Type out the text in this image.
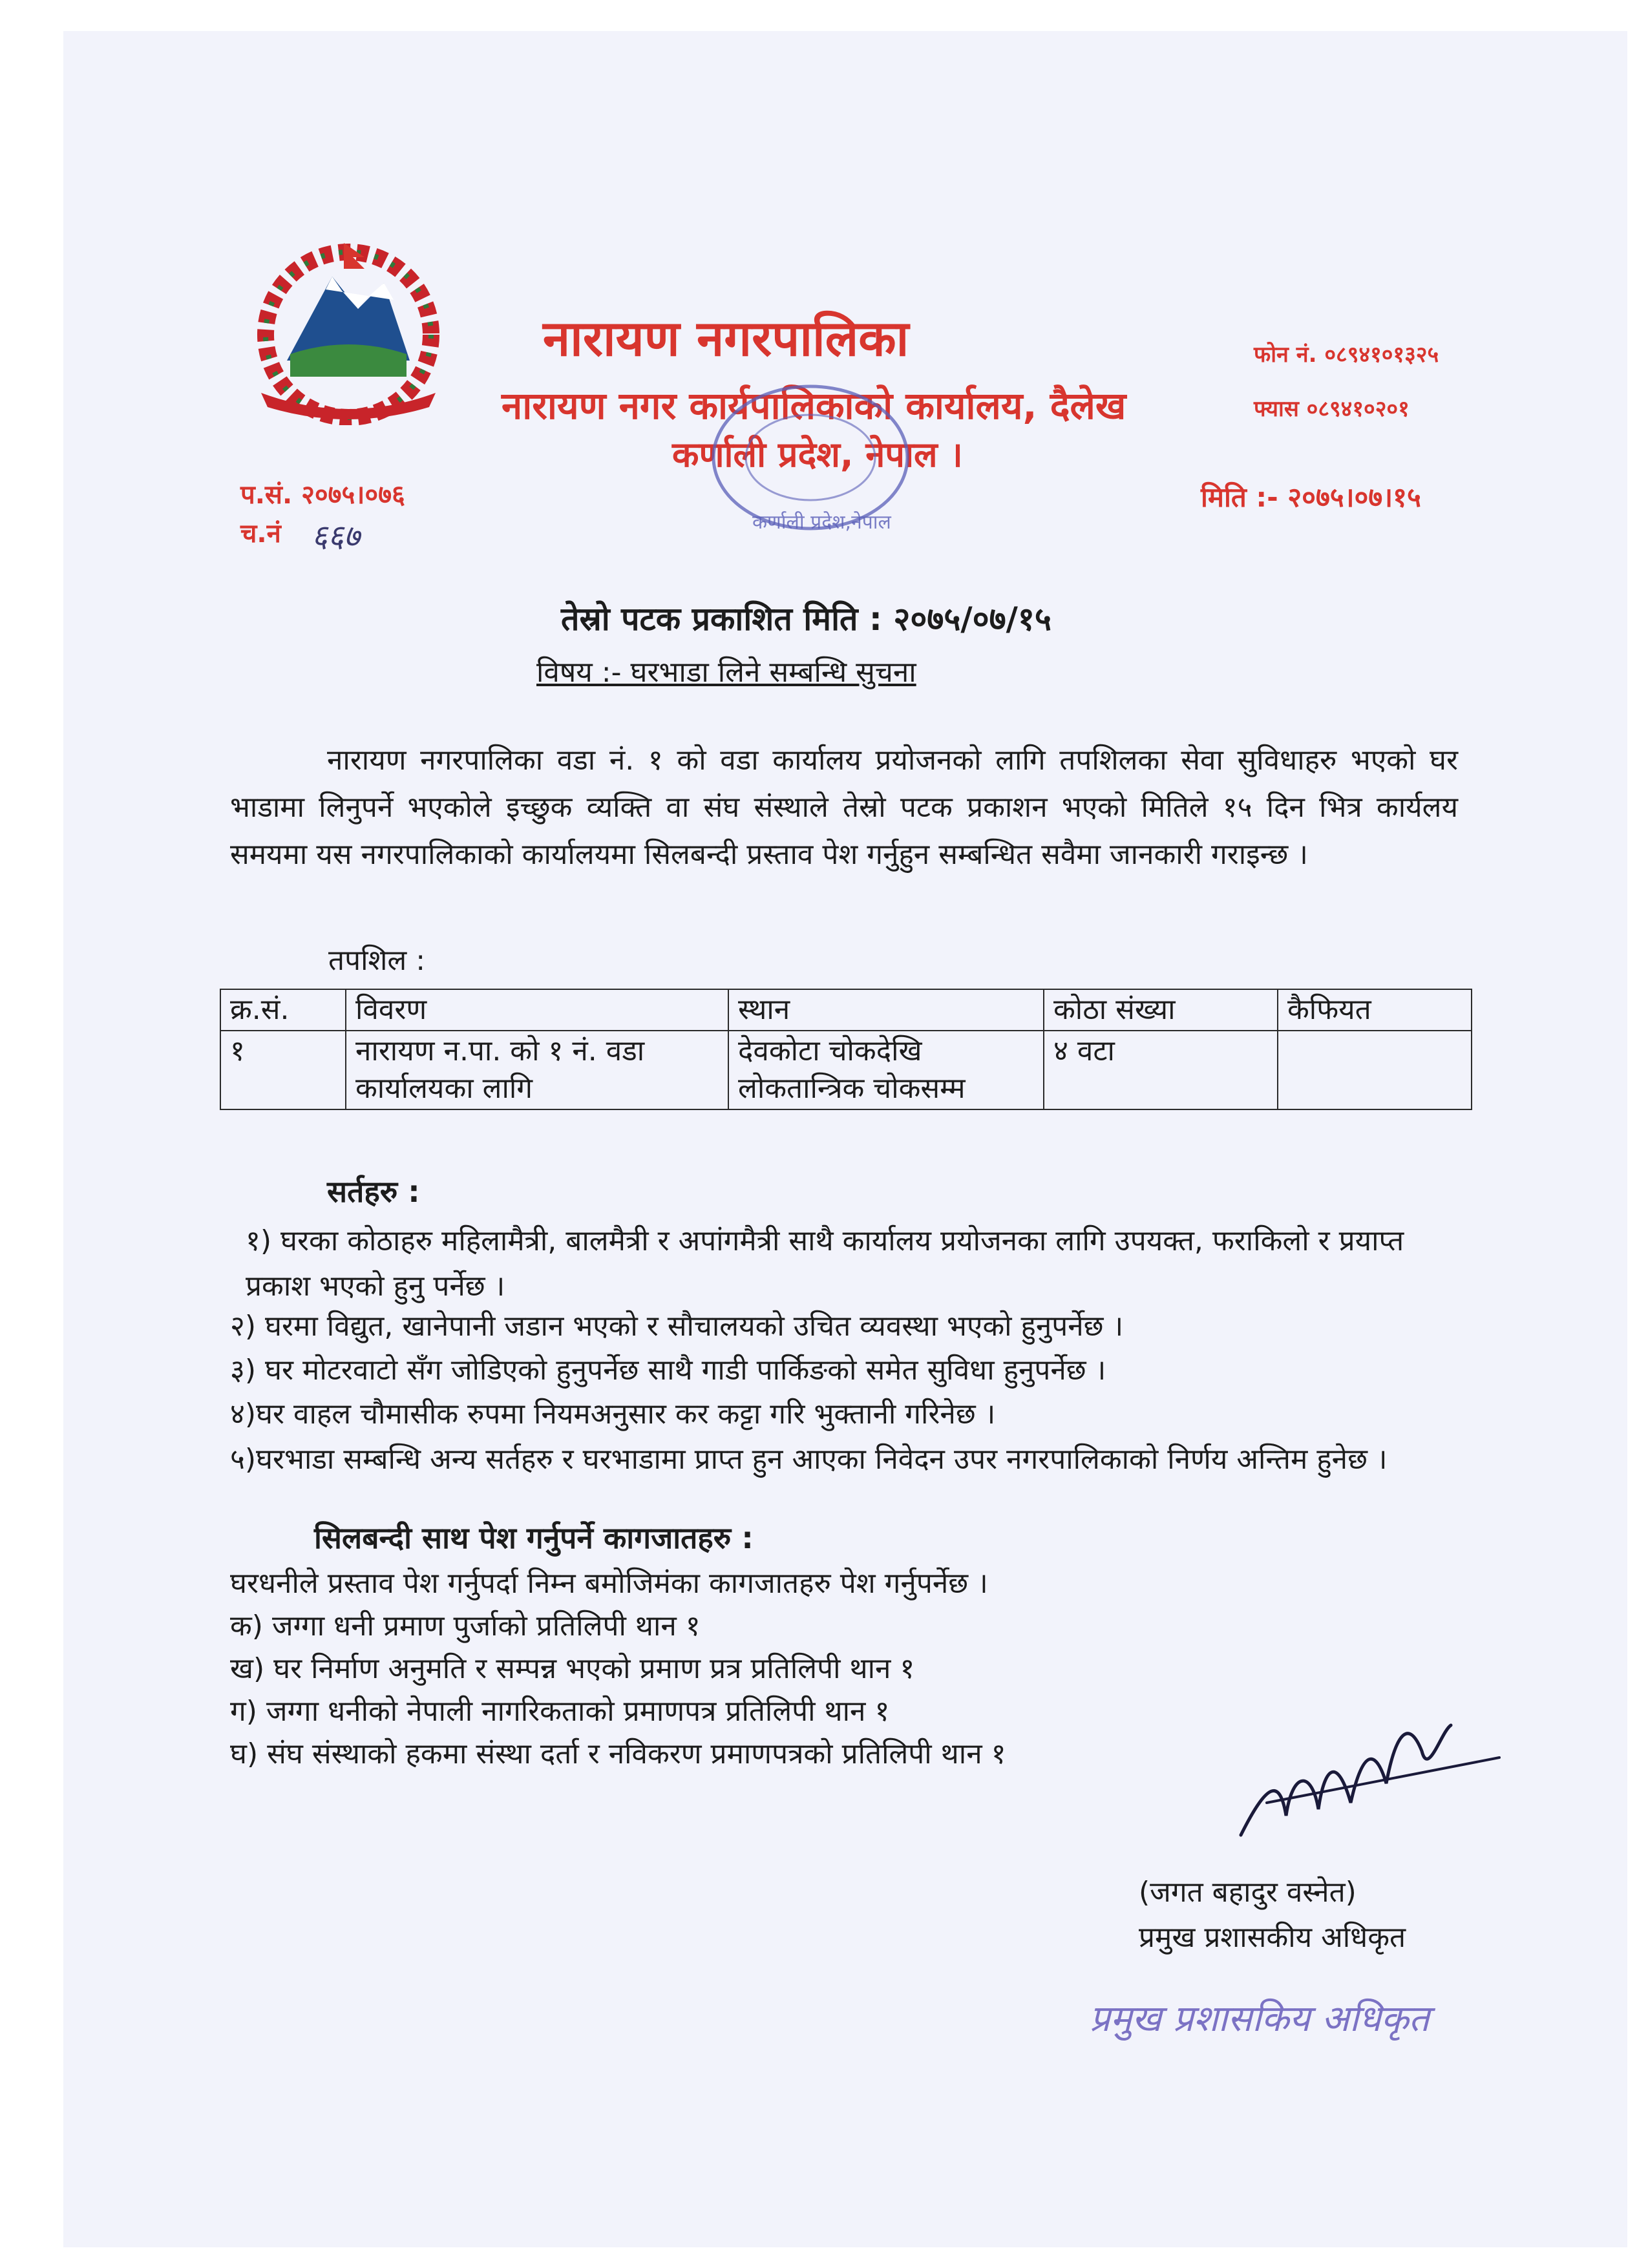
नारायण नगरपालिका
नारायण नगर कार्यपालिकाको कार्यालय, दैलेख
कर्णाली प्रदेश, नेपाल ।
फोन नं. ०८९४१०१३२५
फ्यास ०८९४१०२०१
प.सं. २०७५।०७६	मिति :- २०७५।०७।१५
च.नं ६६७	कर्णाली प्रदेश,नेपाल
तेस्रो पटक प्रकाशित मिति : २०७५/०७/१५
विषय :- घरभाडा लिने सम्बन्धि सुचना
नारायण नगरपालिका वडा नं. १ को वडा कार्यालय प्रयोजनको लागि तपशिलका सेवा सुविधाहरु भएको घर भाडामा लिनुपर्ने भएकोले इच्छुक व्यक्ति वा संघ संस्थाले तेस्रो पटक प्रकाशन भएको मितिले १५ दिन भित्र कार्यलय समयमा यस नगरपालिकाको कार्यालयमा सिलबन्दी प्रस्ताव पेश गर्नुहुन सम्बन्धित सवैमा जानकारी गराइन्छ ।
तपशिल :
क्र.सं.	विवरण	स्थान	कोठा संख्या	कैफियत
१	नारायण न.पा. को १ नं. वडा कार्यालयका लागि	देवकोटा चोकदेखि लोकतान्त्रिक चोकसम्म	४ वटा	
सर्तहरु :
१) घरका कोठाहरु महिलामैत्री, बालमैत्री र अपांगमैत्री साथै कार्यालय प्रयोजनका लागि उपयक्त, फराकिलो र प्रयाप्त प्रकाश भएको हुनु पर्नेछ ।
२) घरमा विद्युत, खानेपानी जडान भएको र सौचालयको उचित व्यवस्था भएको हुनुपर्नेछ ।
३) घर मोटरवाटो सँग जोडिएको हुनुपर्नेछ साथै गाडी पार्किङको समेत सुविधा हुनुपर्नेछ ।
४)घर वाहल चौमासीक रुपमा नियमअनुसार कर कट्टा गरि भुक्तानी गरिनेछ ।
५)घरभाडा सम्बन्धि अन्य सर्तहरु र घरभाडामा प्राप्त हुन आएका निवेदन उपर नगरपालिकाको निर्णय अन्तिम हुनेछ ।
सिलबन्दी साथ पेश गर्नुपर्ने कागजातहरु :
घरधनीले प्रस्ताव पेश गर्नुपर्दा निम्न बमोजिमंका कागजातहरु पेश गर्नुपर्नेछ ।
क) जग्गा धनी प्रमाण पुर्जाको प्रतिलिपी थान १
ख) घर निर्माण अनुमति र सम्पन्न भएको प्रमाण प्रत्र प्रतिलिपी थान १
ग) जग्गा धनीको नेपाली नागरिकताको प्रमाणपत्र प्रतिलिपी थान १
घ) संघ संस्थाको हकमा संस्था दर्ता र नविकरण प्रमाणपत्रको प्रतिलिपी थान १
(जगत बहादुर वस्नेत)
प्रमुख प्रशासकीय अधिकृत
प्रमुख प्रशासकिय अधिकृत
